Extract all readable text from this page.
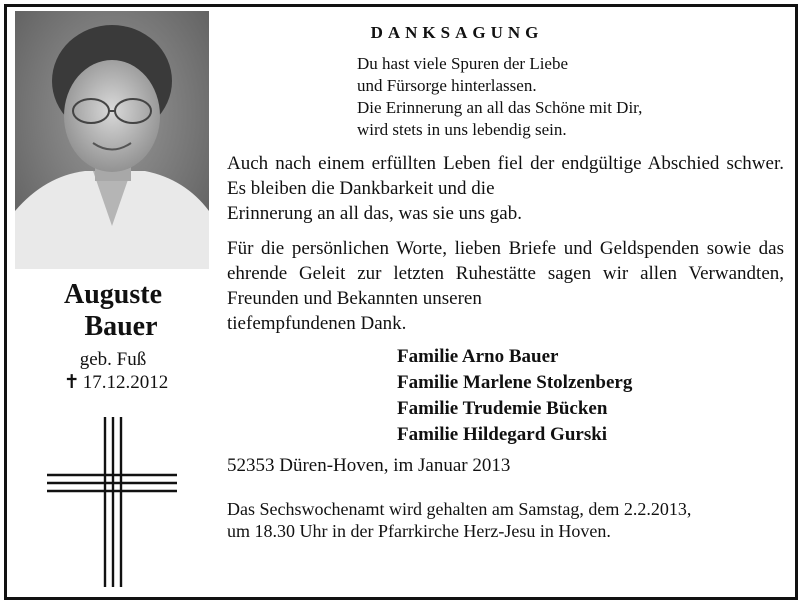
Auguste
Bauer
geb. Fuß
✝ 17.12.2012
DANKSAGUNG
Du hast viele Spuren der Liebe
und Fürsorge hinterlassen.
Die Erinnerung an all das Schöne mit Dir,
wird stets in uns lebendig sein.
Auch nach einem erfüllten Leben fiel der endgültige Abschied schwer. Es bleiben die Dankbarkeit und die
Erinnerung an all das, was sie uns gab.
Für die persönlichen Worte, lieben Briefe und Geldspenden sowie das ehrende Geleit zur letzten Ruhestätte sagen wir allen Verwandten, Freunden und Bekannten unseren
tiefempfundenen Dank.
Familie Arno Bauer
Familie Marlene Stolzenberg
Familie Trudemie Bücken
Familie Hildegard Gurski
52353 Düren-Hoven, im Januar 2013
Das Sechswochenamt wird gehalten am Samstag, dem 2.2.2013,
um 18.30 Uhr in der Pfarrkirche Herz-Jesu in Hoven.
